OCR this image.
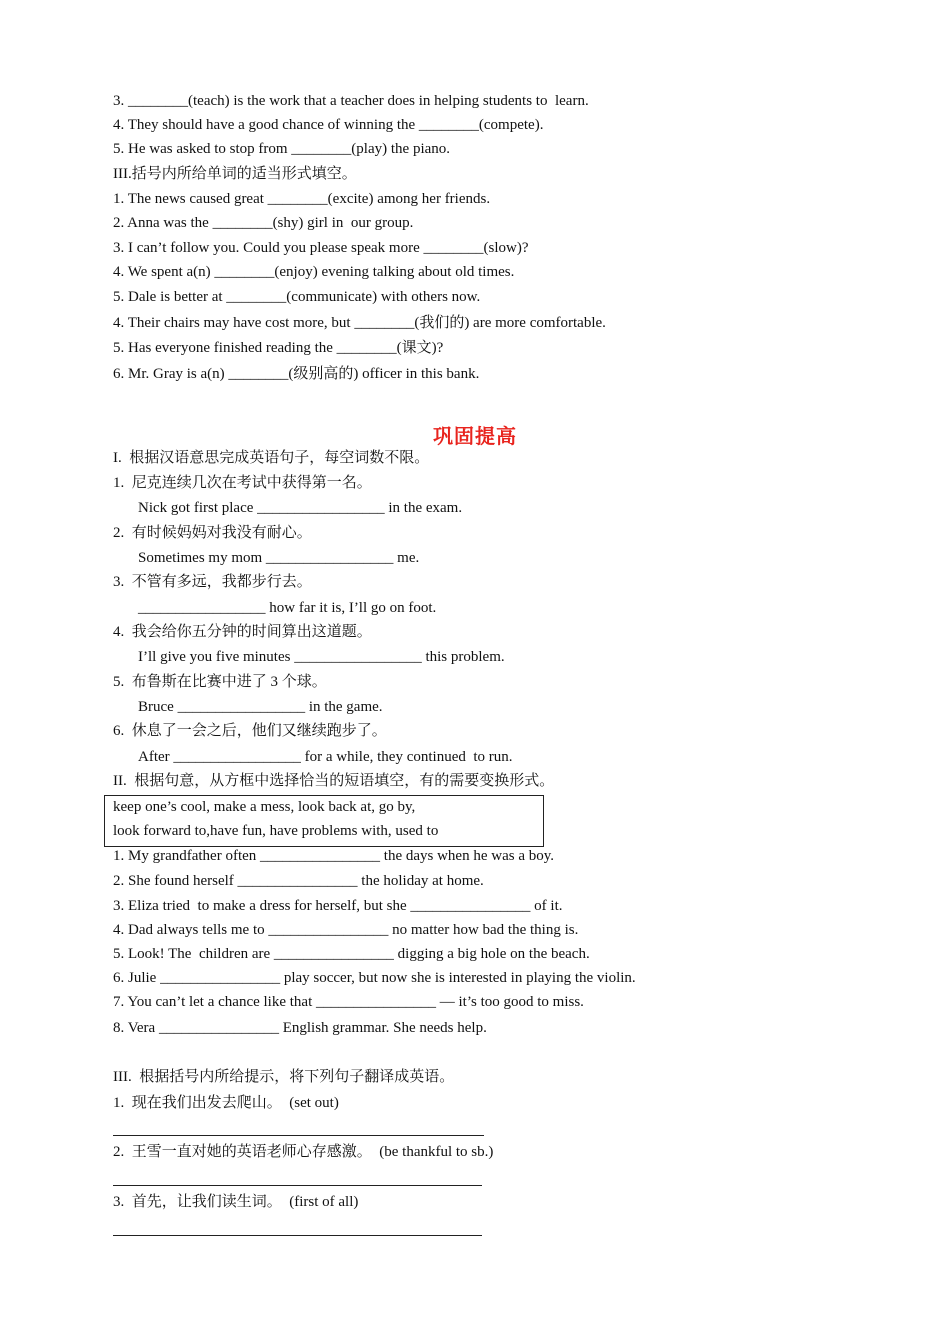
3. ________(teach) is the work that a teacher does in helping students to  learn.
4. They should have a good chance of winning the ________(compete).
5. He was asked to stop from ________(play) the piano.
III.括号内所给单词的适当形式填空。
1. The news caused great ________(excite) among her friends.
2. Anna was the ________(shy) girl in  our group.
3. I can’t follow you. Could you please speak more ________(slow)?
4. We spent a(n) ________(enjoy) evening talking about old times.
5. Dale is better at ________(communicate) with others now.
4. Their chairs may have cost more, but ________(我们的) are more comfortable.
5. Has everyone finished reading the ________(课文)?
6. Mr. Gray is a(n) ________(级别高的) officer in this bank.
巩固提高
I.  根据汉语意思完成英语句子，每空词数不限。
1.  尼克连续几次在考试中获得第一名。
Nick got first place _________________ in the exam.
2.  有时候妈妈对我没有耐心。
Sometimes my mom _________________ me.
3.  不管有多远，我都步行去。
_________________ how far it is, I’ll go on foot.
4.  我会给你五分钟的时间算出这道题。
I’ll give you five minutes _________________ this problem.
5.  布鲁斯在比赛中进了 3 个球。
Bruce _________________ in the game.
6.  休息了一会之后，他们又继续跑步了。
After _________________ for a while, they continued  to run.
II.  根据句意，从方框中选择恰当的短语填空，有的需要变换形式。
keep one’s cool, make a mess, look back at, go by,
look forward to,have fun, have problems with, used to
1. My grandfather often ________________ the days when he was a boy.
2. She found herself ________________ the holiday at home.
3. Eliza tried  to make a dress for herself, but she ________________ of it.
4. Dad always tells me to ________________ no matter how bad the thing is.
5. Look! The  children are ________________ digging a big hole on the beach.
6. Julie ________________ play soccer, but now she is interested in playing the violin.
7. You can’t let a chance like that ________________ — it’s too good to miss.
8. Vera ________________ English grammar. She needs help.
III.  根据括号内所给提示，将下列句子翻译成英语。
1.  现在我们出发去爬山。  (set out)
2.  王雪一直对她的英语老师心存感激。  (be thankful to sb.)
3.  首先，让我们读生词。  (first of all)
